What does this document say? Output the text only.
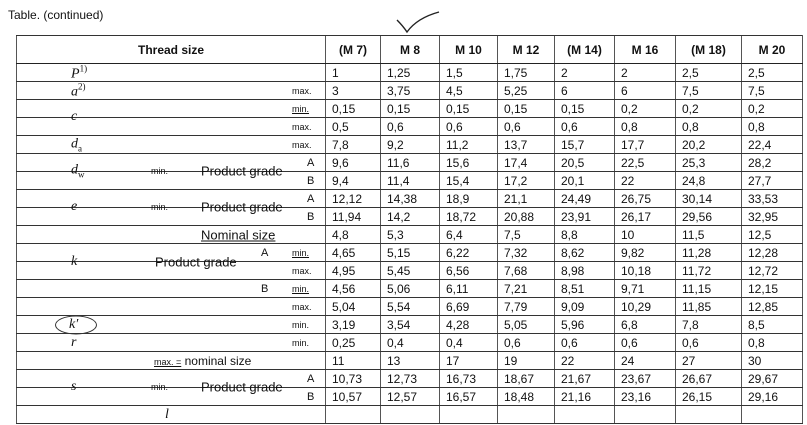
Table. (continued)
Thread size	(M 7)	M 8	M 10	M 12	(M 14)	M 16	(M 18)	M 20

$P^{1)}$	1	1,25	1,5	1,75	2	2	2,5	2,5

$a^{2)}$ max.	3	3,75	4,5	5,25	6	6	7,5	7,5

c
min.	0,15	0,15	0,15	0,15	0,15	0,2	0,2	0,2

max.	0,5	0,6	0,6	0,6	0,6	0,8	0,8	0,8

$d_a$ max.	7,8	9,2	11,2	13,7	15,7	17,7	20,2	22,4

$d_w$ min. Product grade
A	9,6	11,6	15,6	17,4	20,5	22,5	25,3	28,2

B	9,4	11,4	15,4	17,2	20,1	22	24,8	27,7

e min. Product grade
A	12,12	14,38	18,9	21,1	24,49	26,75	30,14	33,53

B	11,94	14,2	18,72	20,88	23,91	26,17	29,56	32,95

Nominal size	4,8	5,3	6,4	7,5	8,8	10	11,5	12,5

A min.	4,65	5,15	6,22	7,32	8,62	9,82	11,28	12,28

k Product grade
max.	4,95	5,45	6,56	7,68	8,98	10,18	11,72	12,72

B min.	4,56	5,06	6,11	7,21	8,51	9,71	11,15	12,15

max.	5,04	5,54	6,69	7,79	9,09	10,29	11,85	12,85

k′ min.	3,19	3,54	4,28	5,05	5,96	6,8	7,8	8,5

r min.	0,25	0,4	0,4	0,6	0,6	0,6	0,6	0,8

max. = nominal size	11	13	17	19	22	24	27	30

s min. Product grade
A	10,73	12,73	16,73	18,67	21,67	23,67	26,67	29,67

B	10,57	12,57	16,57	18,48	21,16	23,16	26,15	29,16

l								
